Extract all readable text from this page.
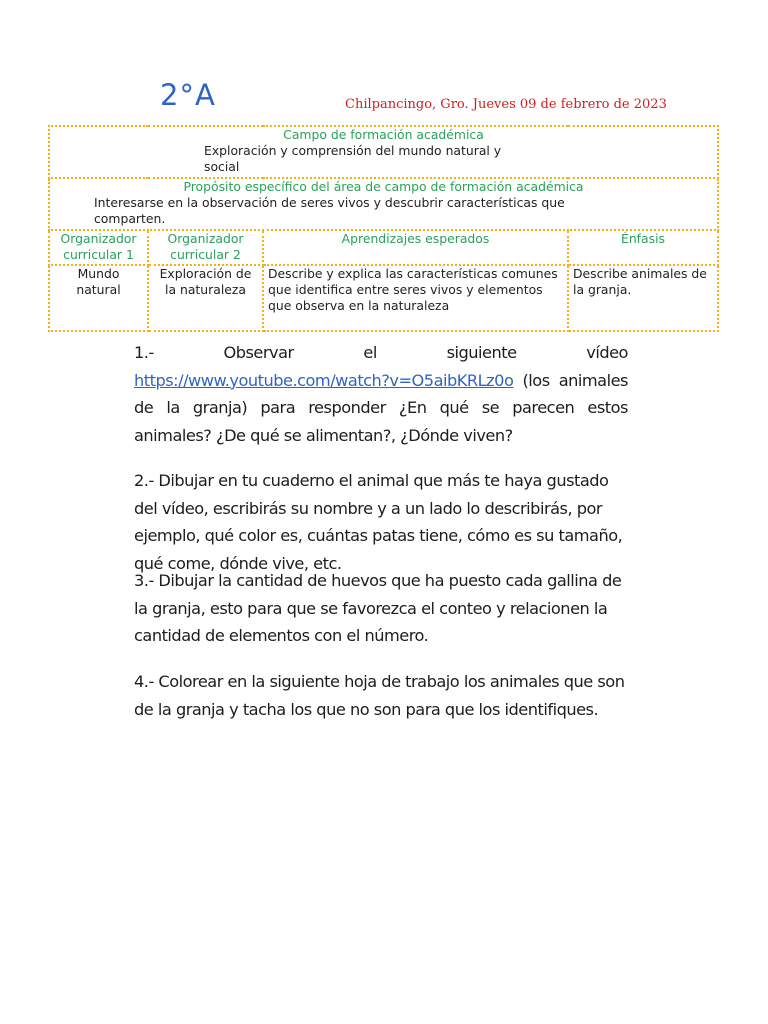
2°A	Chilpancingo, Gro. Jueves 09 de febrero de 2023
Campo de formación académica
Exploración y comprensión del mundo natural y
social			

Propósito específico del área de campo de formación académica
Interesarse en la observación de seres vivos y descubrir características que comparten.			

Organizador curricular 1	Organizador curricular 2	Aprendizajes esperados	Énfasis
Mundo natural	Exploración de la naturaleza	Describe y explica las características comunes que identifica entre seres vivos y elementos que observa en la naturaleza	Describe animales de la granja.
1.-	Observar	el	siguiente	vídeo
https://www.youtube.com/watch?v=O5aibKRLz0o (los animales de la granja) para responder ¿En qué se parecen estos animales? ¿De qué se alimentan?, ¿Dónde viven?
2.- Dibujar en tu cuaderno el animal que más te haya gustado del vídeo, escribirás su nombre y a un lado lo describirás, por ejemplo, qué color es, cuántas patas tiene, cómo es su tamaño, qué come, dónde vive, etc.
3.- Dibujar la cantidad de huevos que ha puesto cada gallina de la granja, esto para que se favorezca el conteo y relacionen la cantidad de elementos con el número.
4.- Colorear en la siguiente hoja de trabajo los animales que son de la granja y tacha los que no son para que los identifiques.
